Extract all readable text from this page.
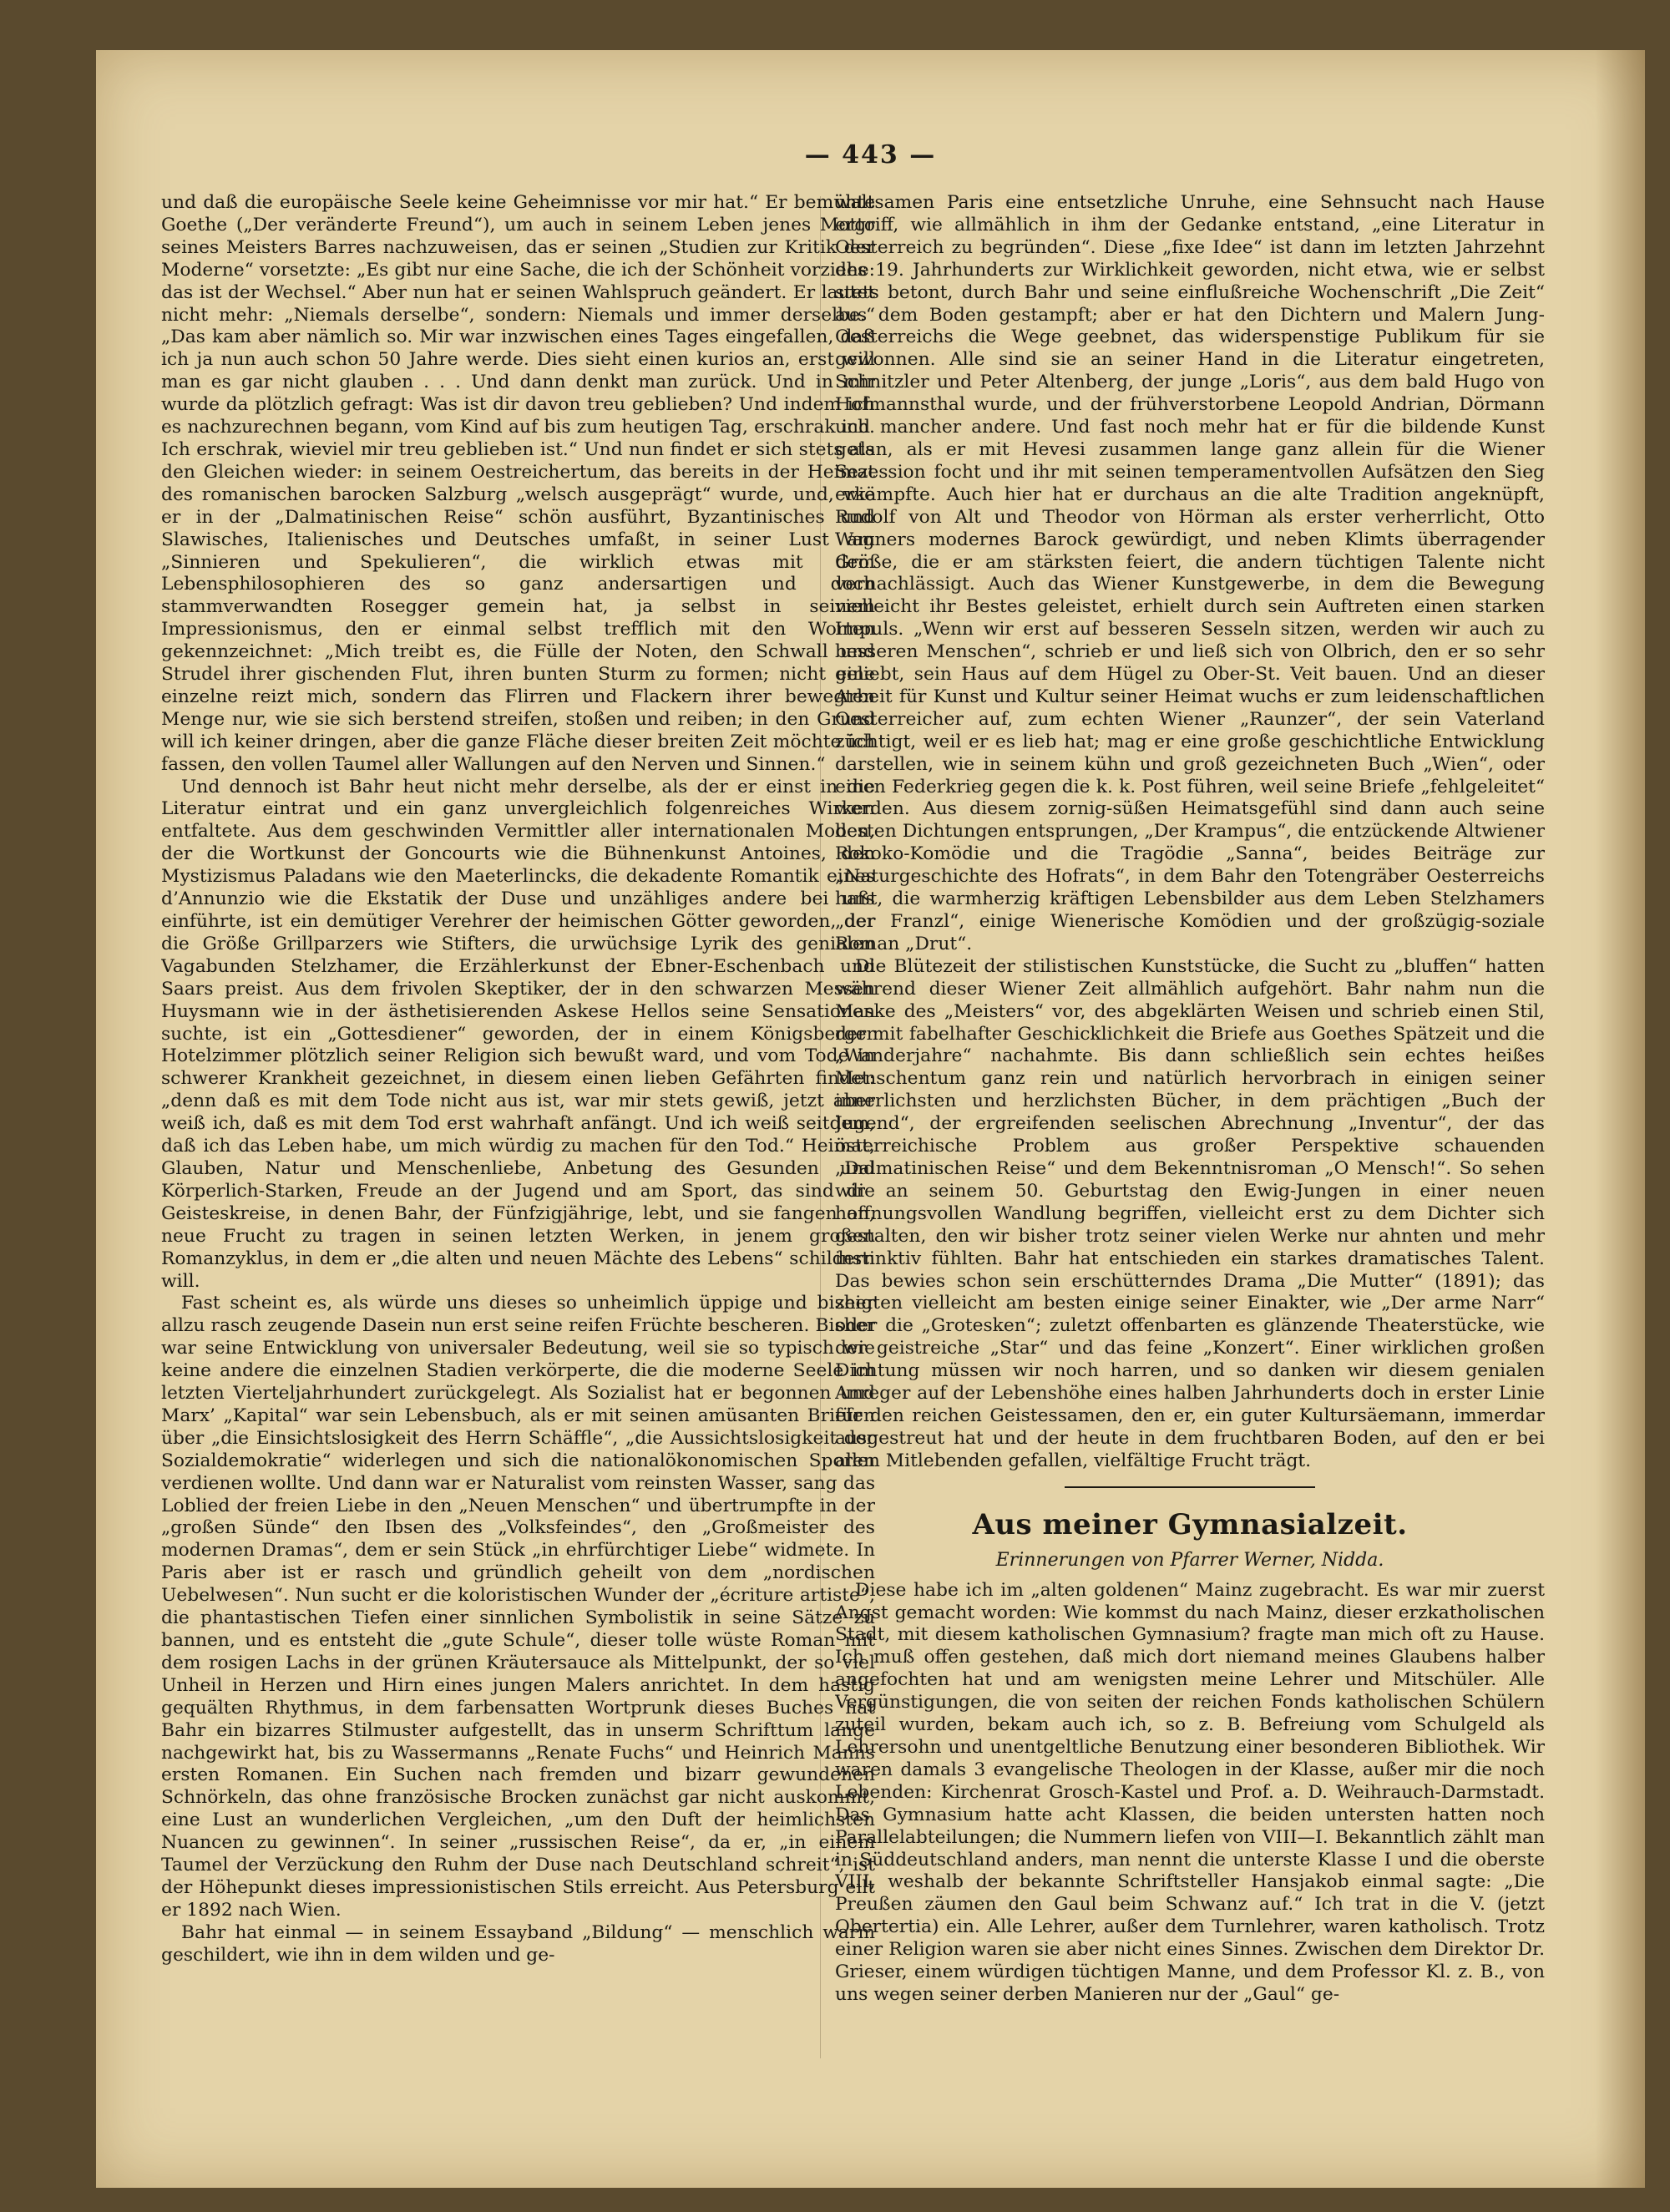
— 443 —

und daß die europäische Seele keine Geheimnisse vor mir hat.“ Er bemühte Goethe („Der veränderte Freund“), um auch in seinem Leben jenes Motto seines Meisters Barres nachzuweisen, das er seinen „Studien zur Kritik der Moderne“ vorsetzte: „Es gibt nur eine Sache, die ich der Schönheit vorziehe: das ist der Wechsel.“ Aber nun hat er seinen Wahlspruch geändert. Er lautet nicht mehr: „Niemals derselbe“, sondern: Niemals und immer derselbe.“ „Das kam aber nämlich so. Mir war inzwischen eines Tages eingefallen, daß ich ja nun auch schon 50 Jahre werde. Dies sieht einen kurios an, erst will man es gar nicht glauben . . . Und dann denkt man zurück. Und in mir wurde da plötzlich gefragt: Was ist dir davon treu geblieben? Und indem ich es nachzurechnen begann, vom Kind auf bis zum heutigen Tag, erschrak ich. Ich erschrak, wieviel mir treu geblieben ist.“ Und nun findet er sich stets als den Gleichen wieder: in seinem Oestreichertum, das bereits in der Heimat des romanischen barocken Salzburg „welsch ausgeprägt“ wurde, und, wie er in der „Dalmatinischen Reise“ schön ausführt, Byzantinisches und Slawisches, Italienisches und Deutsches umfaßt, in seiner Lust am „Sinnieren und Spekulieren“, die wirklich etwas mit dem Lebensphilosophieren des so ganz andersartigen und doch stammverwandten Rosegger gemein hat, ja selbst in seinem Impressionismus, den er einmal selbst trefflich mit den Worten gekennzeichnet: „Mich treibt es, die Fülle der Noten, den Schwall und Strudel ihrer gischenden Flut, ihren bunten Sturm zu formen; nicht eine einzelne reizt mich, sondern das Flirren und Flackern ihrer bewegten Menge nur, wie sie sich berstend streifen, stoßen und reiben; in den Grund will ich keiner dringen, aber die ganze Fläche dieser breiten Zeit möchte ich fassen, den vollen Taumel aller Wallungen auf den Nerven und Sinnen.“

Und dennoch ist Bahr heut nicht mehr derselbe, als der er einst in die Literatur eintrat und ein ganz unvergleichlich folgenreiches Wirken entfaltete. Aus dem geschwinden Vermittler aller internationalen Moden, der die Wortkunst der Goncourts wie die Bühnenkunst Antoines, den Mystizismus Paladans wie den Maeterlincks, die dekadente Romantik eines d’Annunzio wie die Ekstatik der Duse und unzähliges andere bei uns einführte, ist ein demütiger Verehrer der heimischen Götter geworden, der die Größe Grillparzers wie Stifters, die urwüchsige Lyrik des genialen Vagabunden Stelzhamer, die Erzählerkunst der Ebner-Eschenbach und Saars preist. Aus dem frivolen Skeptiker, der in den schwarzen Messen Huysmann wie in der ästhetisierenden Askese Hellos seine Sensationen suchte, ist ein „Gottesdiener“ geworden, der in einem Königsberger Hotelzimmer plötzlich seiner Religion sich bewußt ward, und vom Tode in schwerer Krankheit gezeichnet, in diesem einen lieben Gefährten findet: „denn daß es mit dem Tode nicht aus ist, war mir stets gewiß, jetzt aber weiß ich, daß es mit dem Tod erst wahrhaft anfängt. Und ich weiß seitdem, daß ich das Leben habe, um mich würdig zu machen für den Tod.“ Heimat, Glauben, Natur und Menschenliebe, Anbetung des Gesunden und Körperlich-Starken, Freude an der Jugend und am Sport, das sind die Geisteskreise, in denen Bahr, der Fünfzigjährige, lebt, und sie fangen an, neue Frucht zu tragen in seinen letzten Werken, in jenem großen Romanzyklus, in dem er „die alten und neuen Mächte des Lebens“ schildern will.

Fast scheint es, als würde uns dieses so unheimlich üppige und bisher allzu rasch zeugende Dasein nun erst seine reifen Früchte bescheren. Bisher war seine Entwicklung von universaler Bedeutung, weil sie so typisch wie keine andere die einzelnen Stadien verkörperte, die die moderne Seele im letzten Vierteljahrhundert zurückgelegt. Als Sozialist hat er begonnen und Marx’ „Kapital“ war sein Lebensbuch, als er mit seinen amüsanten Briefen über „die Einsichtslosigkeit des Herrn Schäffle“, „die Aussichtslosigkeit der Sozialdemokratie“ widerlegen und sich die nationalökonomischen Sporen verdienen wollte. Und dann war er Naturalist vom reinsten Wasser, sang das Loblied der freien Liebe in den „Neuen Menschen“ und übertrumpfte in der „großen Sünde“ den Ibsen des „Volksfeindes“, den „Großmeister des modernen Dramas“, dem er sein Stück „in ehrfürchtiger Liebe“ widmete. In Paris aber ist er rasch und gründlich geheilt von dem „nordischen Uebelwesen“. Nun sucht er die koloristischen Wunder der „écriture artiste“, die phantastischen Tiefen einer sinnlichen Symbolistik in seine Sätze zu bannen, und es entsteht die „gute Schule“, dieser tolle wüste Roman mit dem rosigen Lachs in der grünen Kräutersauce als Mittelpunkt, der so viel Unheil in Herzen und Hirn eines jungen Malers anrichtet. In dem hastig gequälten Rhythmus, in dem farbensatten Wortprunk dieses Buches hat Bahr ein bizarres Stilmuster aufgestellt, das in unserm Schrifttum lange nachgewirkt hat, bis zu Wassermanns „Renate Fuchs“ und Heinrich Manns ersten Romanen. Ein Suchen nach fremden und bizarr gewundenen Schnörkeln, das ohne französische Brocken zunächst gar nicht auskommt, eine Lust an wunderlichen Vergleichen, „um den Duft der heimlichsten Nuancen zu gewinnen“. In seiner „russischen Reise“, da er, „in einem Taumel der Verzückung den Ruhm der Duse nach Deutschland schreit“, ist der Höhepunkt dieses impressionistischen Stils erreicht. Aus Petersburg eilt er 1892 nach Wien.

Bahr hat einmal — in seinem Essayband „Bildung“ — menschlich warm geschildert, wie ihn in dem wilden und ge-

waltsamen Paris eine entsetzliche Unruhe, eine Sehnsucht nach Hause ergriff, wie allmählich in ihm der Gedanke entstand, „eine Literatur in Oesterreich zu begründen“. Diese „fixe Idee“ ist dann im letzten Jahrzehnt des 19. Jahrhunderts zur Wirklichkeit geworden, nicht etwa, wie er selbst stets betont, durch Bahr und seine einflußreiche Wochenschrift „Die Zeit“ aus dem Boden gestampft; aber er hat den Dichtern und Malern Jung-Oesterreichs die Wege geebnet, das widerspenstige Publikum für sie gewonnen. Alle sind sie an seiner Hand in die Literatur eingetreten, Schnitzler und Peter Altenberg, der junge „Loris“, aus dem bald Hugo von Hofmannsthal wurde, und der frühverstorbene Leopold Andrian, Dörmann und mancher andere. Und fast noch mehr hat er für die bildende Kunst getan, als er mit Hevesi zusammen lange ganz allein für die Wiener Sezession focht und ihr mit seinen temperamentvollen Aufsätzen den Sieg erkämpfte. Auch hier hat er durchaus an die alte Tradition angeknüpft, Rudolf von Alt und Theodor von Hörman als erster verherrlicht, Otto Wagners modernes Barock gewürdigt, und neben Klimts überragender Größe, die er am stärksten feiert, die andern tüchtigen Talente nicht vernachlässigt. Auch das Wiener Kunstgewerbe, in dem die Bewegung vielleicht ihr Bestes geleistet, erhielt durch sein Auftreten einen starken Impuls. „Wenn wir erst auf besseren Sesseln sitzen, werden wir auch zu besseren Menschen“, schrieb er und ließ sich von Olbrich, den er so sehr geliebt, sein Haus auf dem Hügel zu Ober-St. Veit bauen. Und an dieser Arbeit für Kunst und Kultur seiner Heimat wuchs er zum leidenschaftlichen Oesterreicher auf, zum echten Wiener „Raunzer“, der sein Vaterland züchtigt, weil er es lieb hat; mag er eine große geschichtliche Entwicklung darstellen, wie in seinem kühn und groß gezeichneten Buch „Wien“, oder einen Federkrieg gegen die k. k. Post führen, weil seine Briefe „fehlgeleitet“ werden. Aus diesem zornig-süßen Heimatsgefühl sind dann auch seine besten Dichtungen entsprungen, „Der Krampus“, die entzückende Altwiener Rokoko-Komödie und die Tragödie „Sanna“, beides Beiträge zur „Naturgeschichte des Hofrats“, in dem Bahr den Totengräber Oesterreichs haßt, die warmherzig kräftigen Lebensbilder aus dem Leben Stelzhamers „der Franzl“, einige Wienerische Komödien und der großzügig-soziale Roman „Drut“.

Die Blütezeit der stilistischen Kunststücke, die Sucht zu „bluffen“ hatten während dieser Wiener Zeit allmählich aufgehört. Bahr nahm nun die Maske des „Meisters“ vor, des abgeklärten Weisen und schrieb einen Stil, der mit fabelhafter Geschicklichkeit die Briefe aus Goethes Spätzeit und die „Wanderjahre“ nachahmte. Bis dann schließlich sein echtes heißes Menschentum ganz rein und natürlich hervorbrach in einigen seiner innerlichsten und herzlichsten Bücher, in dem prächtigen „Buch der Jugend“, der ergreifenden seelischen Abrechnung „Inventur“, der das österreichische Problem aus großer Perspektive schauenden „Dalmatinischen Reise“ und dem Bekenntnisroman „O Mensch!“. So sehen wir an seinem 50. Geburtstag den Ewig-Jungen in einer neuen hoffnungsvollen Wandlung begriffen, vielleicht erst zu dem Dichter sich gestalten, den wir bisher trotz seiner vielen Werke nur ahnten und mehr instinktiv fühlten. Bahr hat entschieden ein starkes dramatisches Talent. Das bewies schon sein erschütterndes Drama „Die Mutter“ (1891); das zeigten vielleicht am besten einige seiner Einakter, wie „Der arme Narr“ oder die „Grotesken“; zuletzt offenbarten es glänzende Theaterstücke, wie der geistreiche „Star“ und das feine „Konzert“. Einer wirklichen großen Dichtung müssen wir noch harren, und so danken wir diesem genialen Anreger auf der Lebenshöhe eines halben Jahrhunderts doch in erster Linie für den reichen Geistessamen, den er, ein guter Kultursäemann, immerdar ausgestreut hat und der heute in dem fruchtbaren Boden, auf den er bei allen Mitlebenden gefallen, vielfältige Frucht trägt.

Aus meiner Gymnasialzeit.
Erinnerungen von Pfarrer Werner, Nidda.

Diese habe ich im „alten goldenen“ Mainz zugebracht. Es war mir zuerst Angst gemacht worden: Wie kommst du nach Mainz, dieser erzkatholischen Stadt, mit diesem katholischen Gymnasium? fragte man mich oft zu Hause. Ich muß offen gestehen, daß mich dort niemand meines Glaubens halber angefochten hat und am wenigsten meine Lehrer und Mitschüler. Alle Vergünstigungen, die von seiten der reichen Fonds katholischen Schülern zuteil wurden, bekam auch ich, so z. B. Befreiung vom Schulgeld als Lehrersohn und unentgeltliche Benutzung einer besonderen Bibliothek. Wir waren damals 3 evangelische Theologen in der Klasse, außer mir die noch Lebenden: Kirchenrat Grosch-Kastel und Prof. a. D. Weihrauch-Darmstadt. Das Gymnasium hatte acht Klassen, die beiden untersten hatten noch Parallelabteilungen; die Nummern liefen von VIII—I. Bekanntlich zählt man in Süddeutschland anders, man nennt die unterste Klasse I und die oberste VIII, weshalb der bekannte Schriftsteller Hansjakob einmal sagte: „Die Preußen zäumen den Gaul beim Schwanz auf.“ Ich trat in die V. (jetzt Obertertia) ein. Alle Lehrer, außer dem Turnlehrer, waren katholisch. Trotz einer Religion waren sie aber nicht eines Sinnes. Zwischen dem Direktor Dr. Grieser, einem würdigen tüchtigen Manne, und dem Professor Kl. z. B., von uns wegen seiner derben Manieren nur der „Gaul“ ge-
